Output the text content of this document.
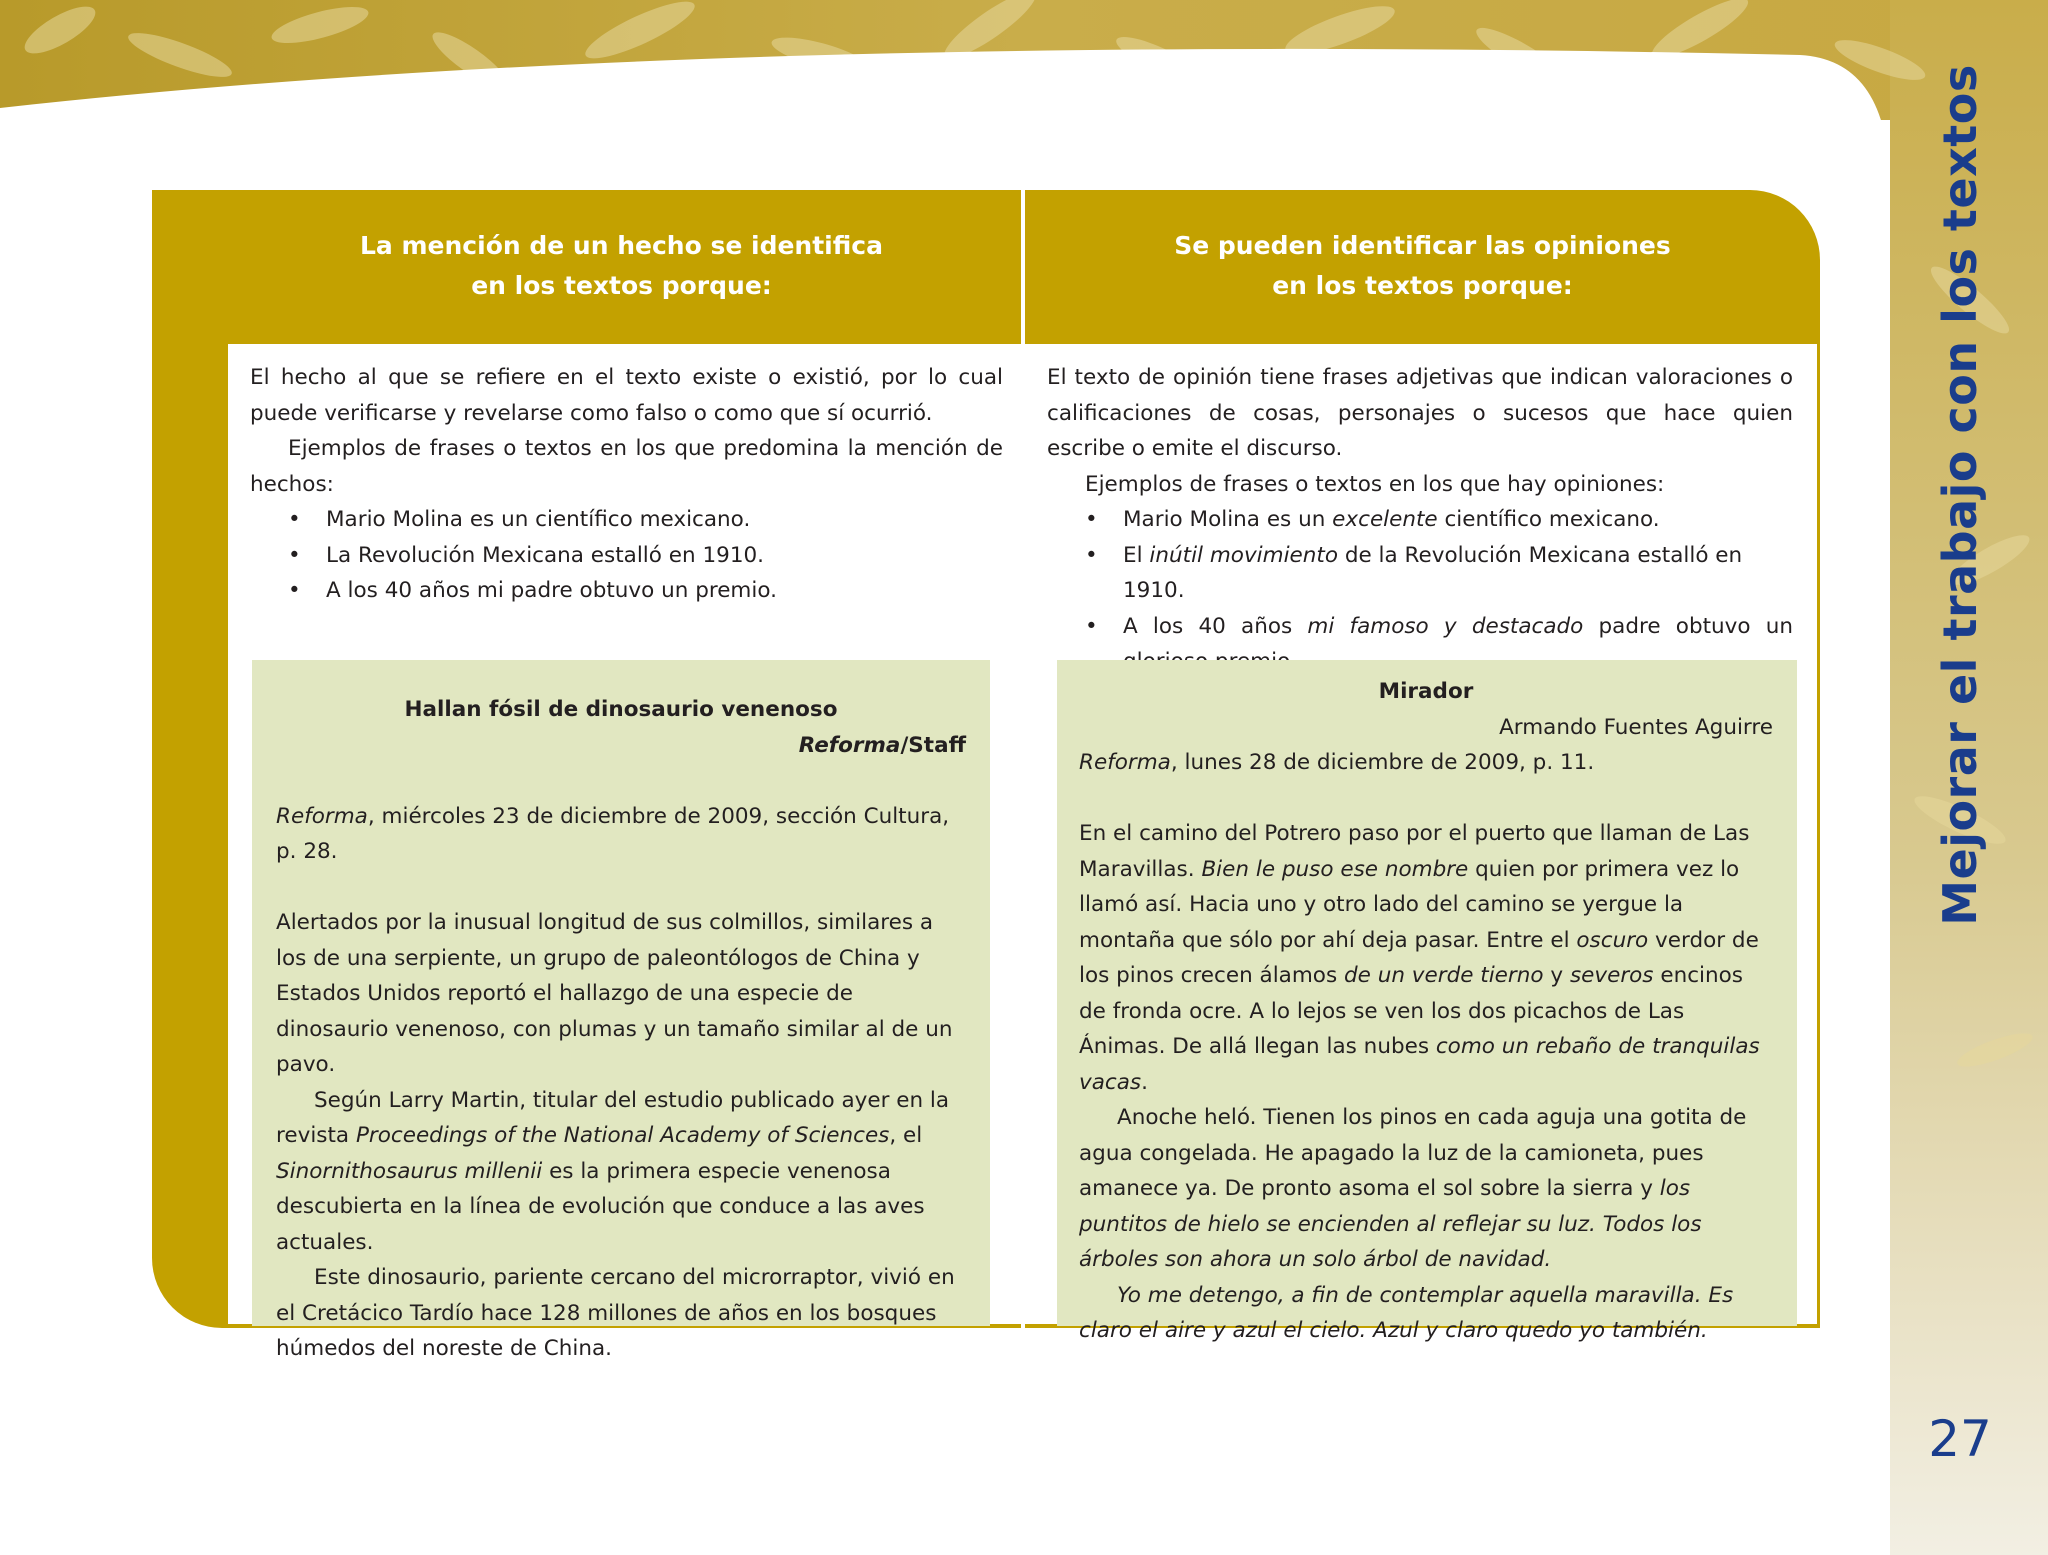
Mejorar el trabajo con los textos
27
La mención de un hecho se identifica
en los textos porque:
Se pueden identificar las opiniones
en los textos porque:

El hecho al que se refiere en el texto existe o existió, por lo cual puede verificarse y revelarse como falso o como que sí ocurrió.

Ejemplos de frases o textos en los que predomina la mención de hechos:

• Mario Molina es un científico mexicano.
• La Revolución Mexicana estalló en 1910.
• A los 40 años mi padre obtuvo un premio.

El texto de opinión tiene frases adjetivas que indican valoraciones o calificaciones de cosas, personajes o sucesos que hace quien escribe o emite el discurso.

Ejemplos de frases o textos en los que hay opiniones:

• Mario Molina es un excelente científico mexicano.
• El inútil movimiento de la Revolución Mexicana estalló en 1910.
• A los 40 años mi famoso y destacado padre obtuvo un

Hallan fósil de dinosaurio venenoso

Reforma/Staff

Reforma, miércoles 23 de diciembre de 2009, sección Cultura, p. 28.

Alertados por la inusual longitud de sus colmillos, similares a los de una serpiente, un grupo de paleontólogos de China y Estados Unidos reportó el hallazgo de una especie de dinosaurio venenoso, con plumas y un tamaño similar al de un pavo.

Según Larry Martin, titular del estudio publicado ayer en la revista Proceedings of the National Academy of Sciences, el Sinornithosaurus millenii es la primera especie venenosa descubierta en la línea de evolución que conduce a las aves actuales.

Este dinosaurio, pariente cercano del microrraptor, vivió en el Cretácico Tardío hace 128 millones de años en los bosques húmedos del noreste de China.

Mirador

Armando Fuentes Aguirre

Reforma, lunes 28 de diciembre de 2009, p. 11.

En el camino del Potrero paso por el puerto que llaman de Las Maravillas. Bien le puso ese nombre quien por primera vez lo llamó así. Hacia uno y otro lado del camino se yergue la montaña que sólo por ahí deja pasar. Entre el oscuro verdor de los pinos crecen álamos de un verde tierno y severos encinos de fronda ocre. A lo lejos se ven los dos picachos de Las Ánimas. De allá llegan las nubes como un rebaño de tranquilas vacas.

Anoche heló. Tienen los pinos en cada aguja una gotita de agua congelada. He apagado la luz de la camioneta, pues amanece ya. De pronto asoma el sol sobre la sierra y los puntitos de hielo se encienden al reflejar su luz. Todos los árboles son ahora un solo árbol de navidad.

Yo me detengo, a fin de contemplar aquella maravilla. Es claro el aire y azul el cielo. Azul y claro quedo yo también.
